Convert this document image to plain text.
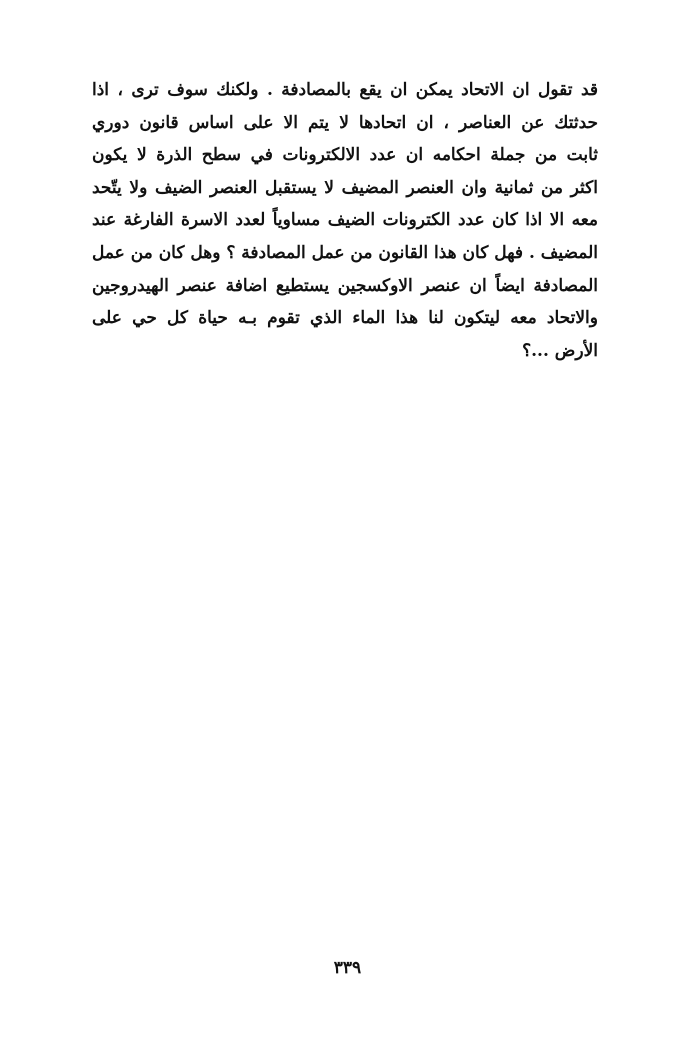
قد تقول ان الاتحاد يمكن ان يقع بالمصادفة . ولكنك سوف ترى ، اذا
حدثتك عن العناصر ، ان اتحادها لا يتم الا على اساس قانون دوري
ثابت من جملة احكامه ان عدد الالكترونات في سطح الذرة لا يكون
اكثر من ثمانية وان العنصر المضيف لا يستقبل العنصر الضيف ولا يتّحد
معه الا اذا كان عدد الكترونات الضيف مساوياً لعدد الاسرة الفارغة عند
المضيف . فهل كان هذا القانون من عمل المصادفة ؟ وهل كان من عمل
المصادفة ايضاً ان عنصر الاوكسجين يستطيع اضافة عنصر الهيدروجين
والاتحاد معه ليتكون لنا هذا الماء الذي تقوم بـه حياة كل حي على
الأرض ...؟
٣٣٩
